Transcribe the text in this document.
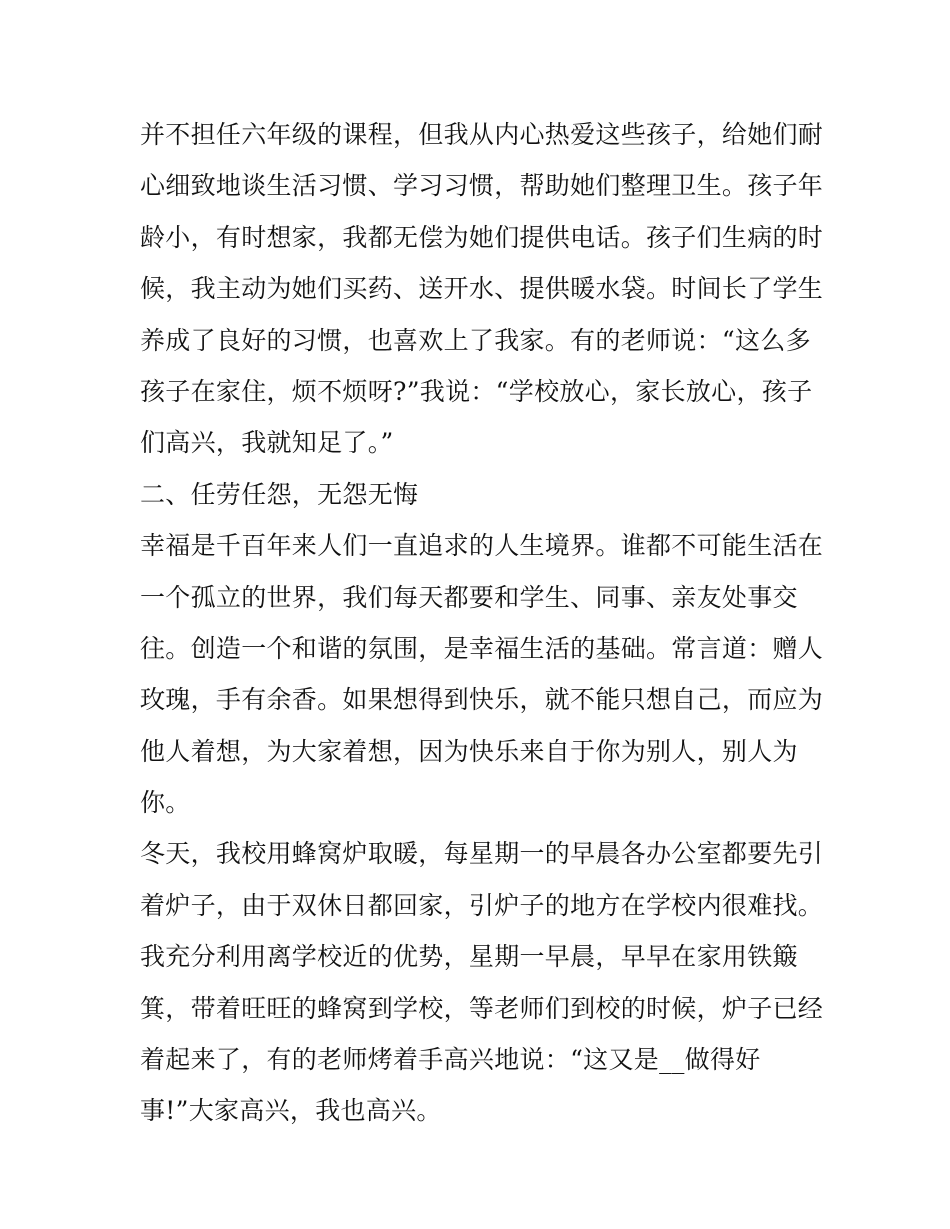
并不担任六年级的课程，但我从内心热爱这些孩子，给她们耐
心细致地谈生活习惯、学习习惯，帮助她们整理卫生。孩子年
龄小，有时想家，我都无偿为她们提供电话。孩子们生病的时
候，我主动为她们买药、送开水、提供暖水袋。时间长了学生
养成了良好的习惯，也喜欢上了我家。有的老师说：“这么多
孩子在家住，烦不烦呀?”我说：“学校放心，家长放心，孩子
们高兴，我就知足了。”
二、任劳任怨，无怨无悔
幸福是千百年来人们一直追求的人生境界。谁都不可能生活在
一个孤立的世界，我们每天都要和学生、同事、亲友处事交
往。创造一个和谐的氛围，是幸福生活的基础。常言道：赠人
玫瑰，手有余香。如果想得到快乐，就不能只想自己，而应为
他人着想，为大家着想，因为快乐来自于你为别人，别人为
你。
冬天，我校用蜂窝炉取暖，每星期一的早晨各办公室都要先引
着炉子，由于双休日都回家，引炉子的地方在学校内很难找。
我充分利用离学校近的优势，星期一早晨，早早在家用铁簸
箕，带着旺旺的蜂窝到学校，等老师们到校的时候，炉子已经
着起来了，有的老师烤着手高兴地说：“这又是__做得好
事!”大家高兴，我也高兴。
